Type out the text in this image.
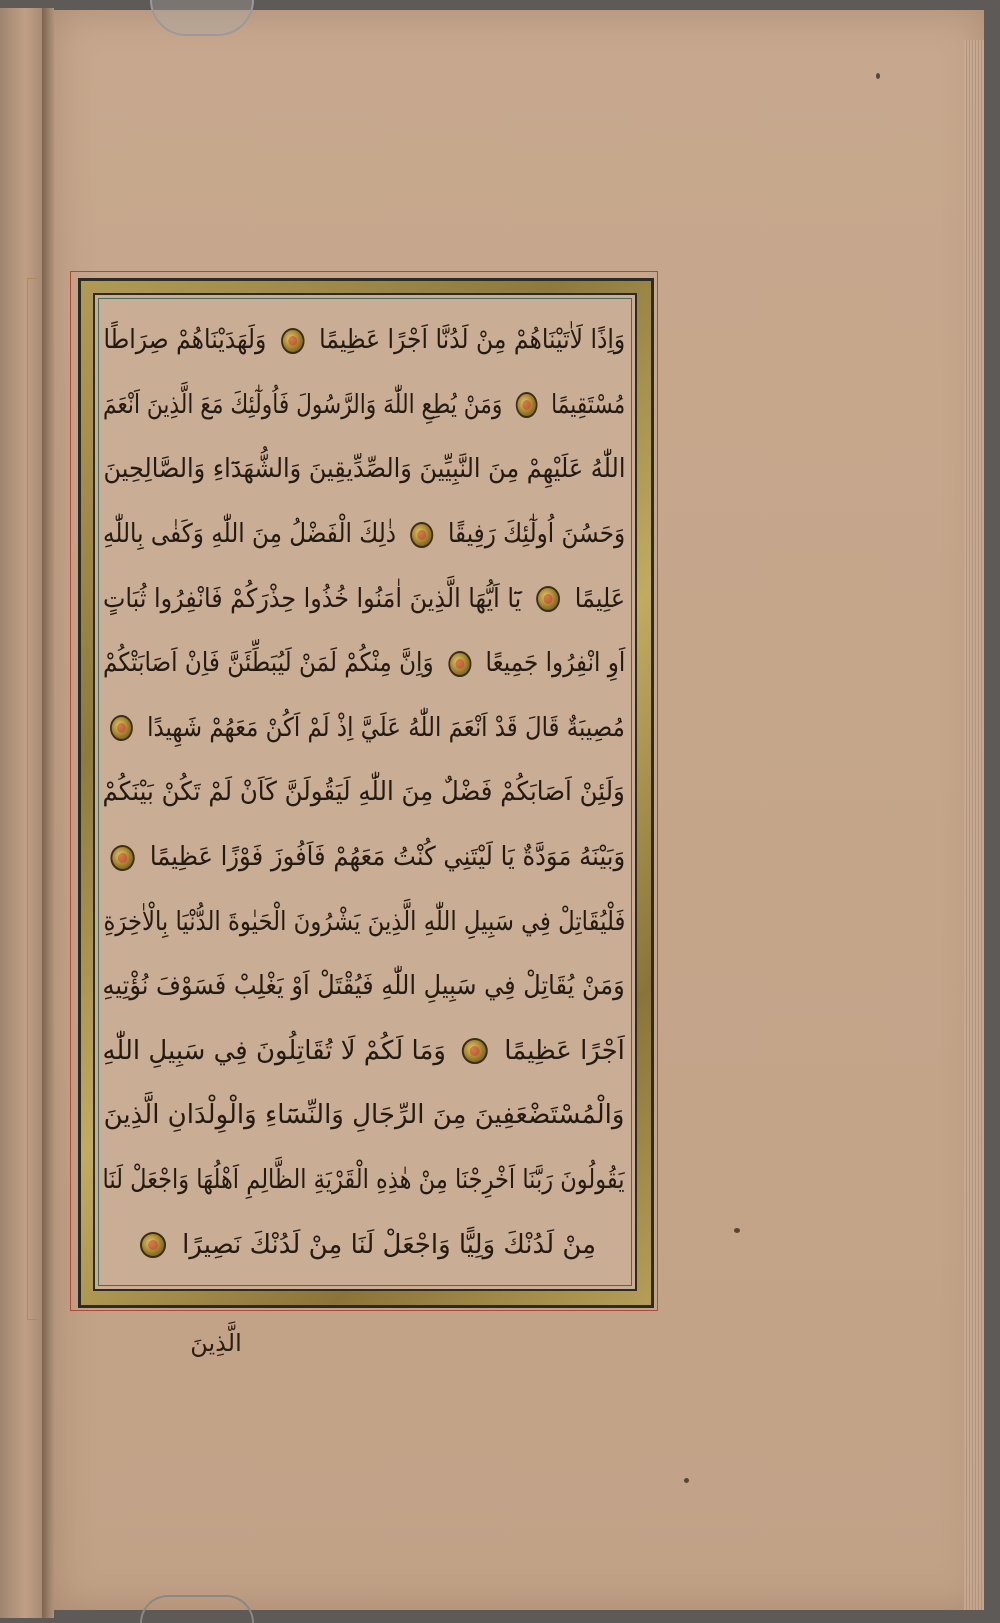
وَاِذًا لَاٰتَيْنَاهُمْ مِنْ لَدُنَّا اَجْرًا عَظِيمًا  وَلَهَدَيْنَاهُمْ صِرَاطًا
مُسْتَقِيمًا  وَمَنْ يُطِعِ اللّٰهَ وَالرَّسُولَ فَاُولٰٓئِكَ مَعَ الَّذِينَ اَنْعَمَ
اللّٰهُ عَلَيْهِمْ مِنَ النَّبِيِّينَ وَالصِّدِّيقِينَ وَالشُّهَدَٓاءِ وَالصَّالِحِينَ
وَحَسُنَ اُولٰٓئِكَ رَفِيقًا  ذٰلِكَ الْفَضْلُ مِنَ اللّٰهِ وَكَفٰى بِاللّٰهِ
عَلِيمًا  يَٓا اَيُّهَا الَّذِينَ اٰمَنُوا خُذُوا حِذْرَكُمْ فَانْفِرُوا ثُبَاتٍ
اَوِ انْفِرُوا جَمِيعًا  وَاِنَّ مِنْكُمْ لَمَنْ لَيُبَطِّئَنَّ فَاِنْ اَصَابَتْكُمْ
مُصِيبَةٌ قَالَ قَدْ اَنْعَمَ اللّٰهُ عَلَيَّ اِذْ لَمْ اَكُنْ مَعَهُمْ شَهِيدًا
وَلَئِنْ اَصَابَكُمْ فَضْلٌ مِنَ اللّٰهِ لَيَقُولَنَّ كَاَنْ لَمْ تَكُنْ بَيْنَكُمْ
وَبَيْنَهُ مَوَدَّةٌ يَا لَيْتَنِي كُنْتُ مَعَهُمْ فَاَفُوزَ فَوْزًا عَظِيمًا
فَلْيُقَاتِلْ فِي سَبِيلِ اللّٰهِ الَّذِينَ يَشْرُونَ الْحَيٰوةَ الدُّنْيَا بِالْاٰخِرَةِ
وَمَنْ يُقَاتِلْ فِي سَبِيلِ اللّٰهِ فَيُقْتَلْ اَوْ يَغْلِبْ فَسَوْفَ نُؤْتِيهِ
اَجْرًا عَظِيمًا  وَمَا لَكُمْ لَا تُقَاتِلُونَ فِي سَبِيلِ اللّٰهِ
وَالْمُسْتَضْعَفِينَ مِنَ الرِّجَالِ وَالنِّسَٓاءِ وَالْوِلْدَانِ الَّذِينَ
يَقُولُونَ رَبَّنَا اَخْرِجْنَا مِنْ هٰذِهِ الْقَرْيَةِ الظَّالِمِ اَهْلُهَا وَاجْعَلْ لَنَا
مِنْ لَدُنْكَ وَلِيًّا وَاجْعَلْ لَنَا مِنْ لَدُنْكَ نَصِيرًا
الَّذِينَ
